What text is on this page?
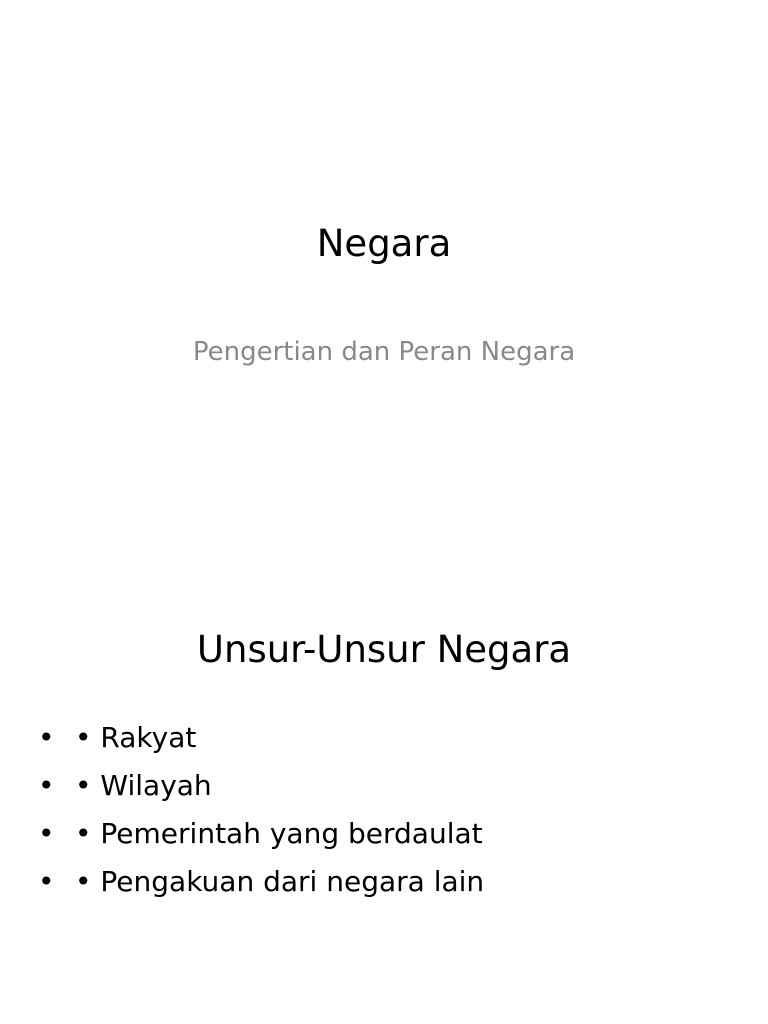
Negara

Pengertian dan Peran Negara

Unsur-Unsur Negara
• • Rakyat
• • Wilayah
• • Pemerintah yang berdaulat
• • Pengakuan dari negara lain
